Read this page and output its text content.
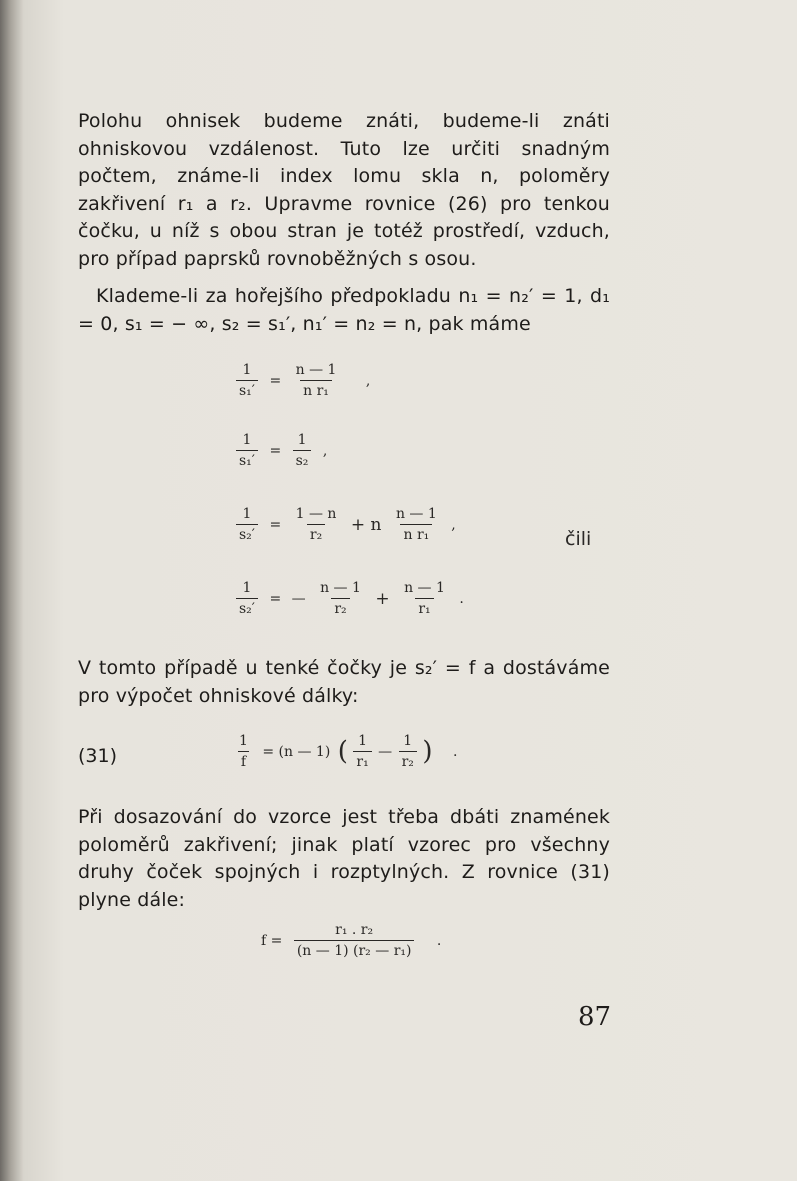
Polohu ohnisek budeme znáti, budeme-li znáti ohniskovou vzdálenost. Tuto lze určiti snadným počtem, známe-li index lomu skla n, poloměry zakřivení r₁ a r₂. Upravme rovnice (26) pro tenkou čočku, u níž s obou stran je totéž prostředí, vzduch, pro případ paprsků rovnoběžných s osou.
Klademe-li za hořejšího předpokladu n₁ = n₂′ = 1, d₁ = 0, s₁ = − ∞, s₂ = s₁′, n₁′ = n₂ = n, pak máme
$\frac{1}{\text{s₁′}} = \frac{n — 1}{\text{n r₁}}$ ,
$\frac{1}{\text{s₁′}} = \frac{1}{\text{s₂}}$ ,
$\frac{1}{\text{s₂′}} = \frac{1 — n}{\text{r₂}} + n \frac{n — 1}{\text{n r₁}}$ ,
čili
$\frac{1}{\text{s₂′}}$ = — $\frac{n — 1}{\text{r₂}} + \frac{n — 1}{\text{r₁}}$ .
V tomto případě u tenké čočky je s₂′ = f a dostáváme pro výpočet ohniskové dálky:
(31)	$\frac{1}{f} = (n$ — 1) ( $\frac{1}{\text{r₁}}$ — $\frac{1}{\text{r₂}}$ ) .
Při dosazování do vzorce jest třeba dbáti znamének poloměrů zakřivení; jinak platí vzorec pro všechny druhy čoček spojných i rozptylných. Z rovnice (31) plyne dále:
$f = \frac{\text{r₁ . r₂}}{\text{(n — 1) (r₂ — r₁)}}$ .
87
